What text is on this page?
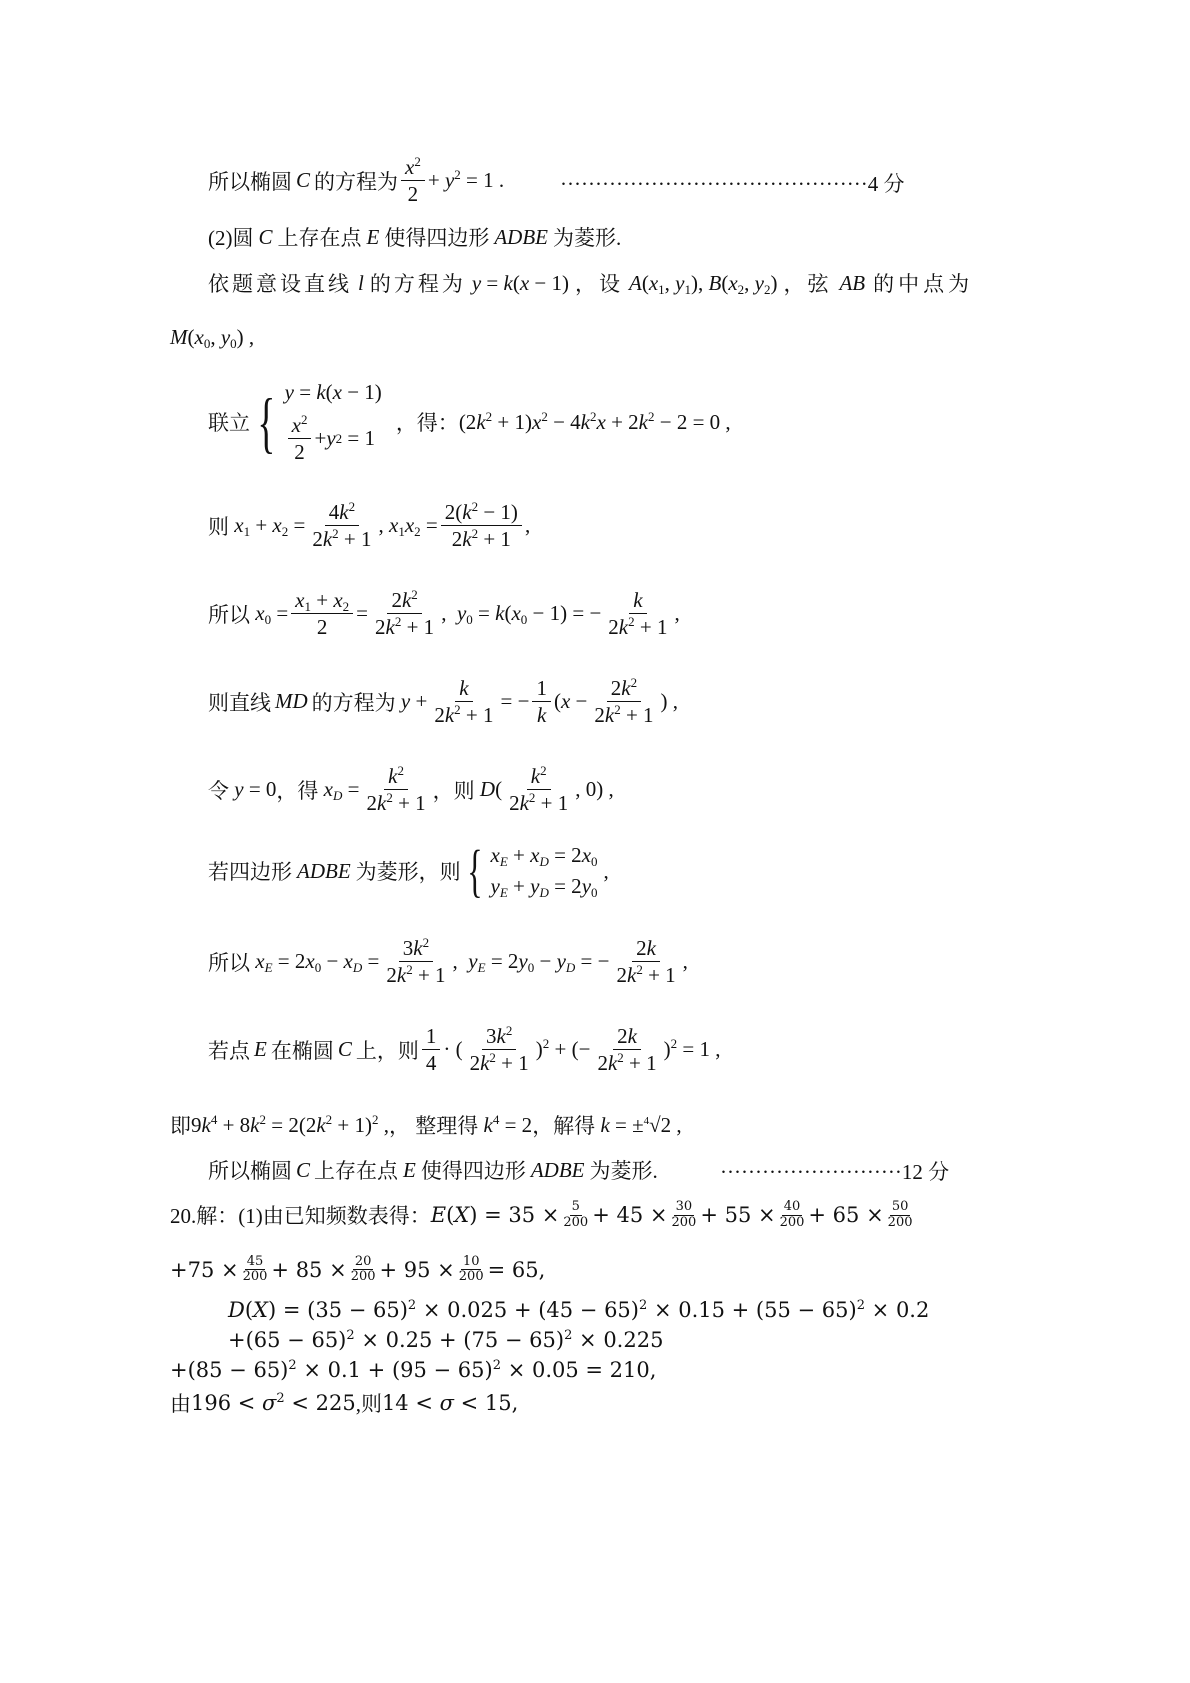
所以椭圆 C 的方程为 $\frac{x^2}{2} + y^2 = 1$ .	············································4 分
(2)圆 C 上存在点 E 使得四边形 ADBE 为菱形.
依题意设直线 l 的方程为 y = k(x − 1) ，设 $A(x_1$, $y_1$), $B(x_2$, $y_2$) ，弦 AB 的中点为
$M(x_0$, $y_0$) ,
联立 { y = k(x − 1)
$\frac{x^2}{2} + y$ 2 = 1
，得： $(2k^2 + 1)x^2 - 4k^2x + 2k^2 - 2 = 0$ ,
则 $x_1 + x_2 = \frac{4k^2}{2k^2 + 1}$ , $x_1x_2 = \frac{2(k^2 - 1)}{2k^2 + 1}$ ,
所以 $x_0 = \frac{x_1 + x_2}{2} = \frac{2k^2}{2k^2 + 1}$ ,  $y_0 = k(x_0 - 1)$ = − $\frac{k}{2k^2 + 1}$ ,
则直线 MD 的方程为 $y + \frac{k}{2k^2 + 1}$ = − $\frac{1}{k} (x - \frac{2k^2}{2k^2 + 1}$ ) ,
令 y = 0 ，得 $x_D = \frac{k^2}{2k^2 + 1}$ ，则 $D( \frac{k^2}{2k^2 + 1}$ , 0) ,
若四边形 ADBE 为菱形，则 { $x_E + x_D = 2x_0$
$y_E + y_D = 2y_0$
,
所以 $x_E = 2x_0 - x_D = \frac{3k^2}{2k^2 + 1}$ ,  $y_E = 2y_0 - y_D$ = − $\frac{2k}{2k^2 + 1}$ ,
若点 E 在椭圆 C 上，则 $\frac{1}{4}$ · ( $\frac{3k^2}{2k^2 + 1} )^2$ + (− $\frac{2k}{2k^2 + 1} )^2 = 1$ ,
即 $9k^4 + 8k^2 = 2(2k^2 + 1)^2$ , ， 整理得 $k^4 = 2$ ，解得 k = ±$^4$√2 ,
所以椭圆 C 上存在点 E 使得四边形 ADBE 为菱形.	··························12 分
20.解：(1)由已知频数表得： $E(X) = 35 \times \frac{5}{200} + 45 \times \frac{30}{200} + 55 \times \frac{40}{200} + 65 \times \frac{50}{200}$
$+75 \times \frac{45}{200} + 85 \times \frac{20}{200} + 95 \times \frac{10}{200} = 65$,
$D(X) = (35 - 65)^2 \times 0.025 + (45 - 65)^2 \times 0.15 + (55 - 65)^2 \times 0.2$
$+(65 - 65)^2 \times 0.25 + (75 - 65)^2 \times 0.225$
$+(85 - 65)^2 \times 0.1 + (95 - 65)^2 \times 0.05 = 210$,
由 $196 < \sigma^2 < 225$ ,则 14 < σ < 15,
